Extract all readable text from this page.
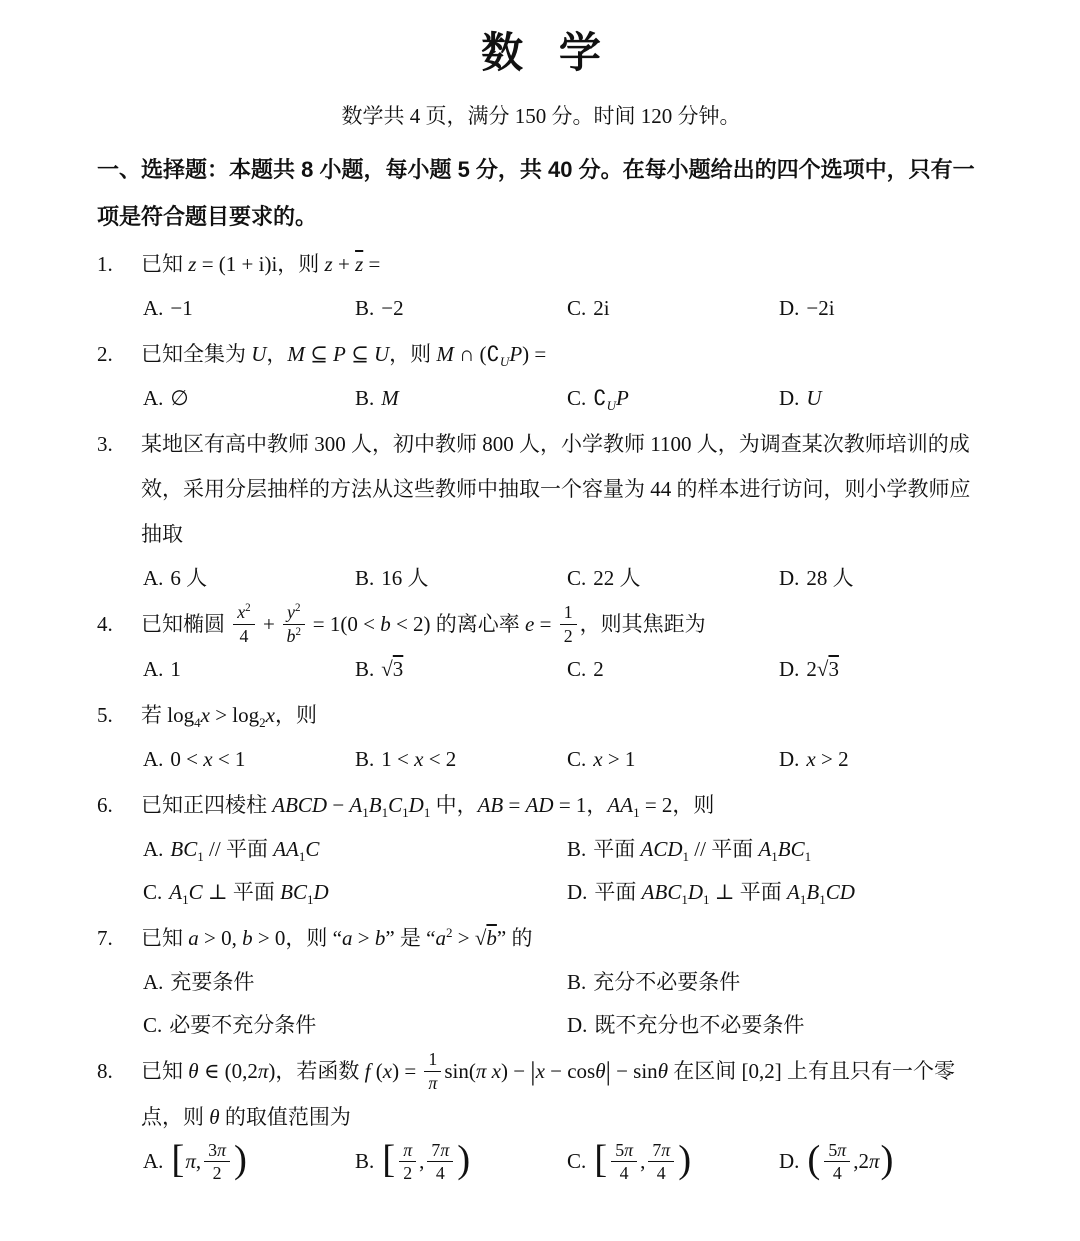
数 学
数学共 4 页，满分 150 分。时间 120 分钟。
一、选择题：本题共 8 小题，每小题 5 分，共 40 分。在每小题给出的四个选项中，只有一项是符合题目要求的。
1.	已知 z = (1 + i)i，则 $z + \overline{z}$ =
A. −1	B. −2	C. 2i	D. −2i
2.	已知全集为 U，M ⊆ P ⊆ U，则 M ∩ $(∁_UP)$ =
A. ∅	B. M	C. $∁_UP$	D. U
3.	某地区有高中教师 300 人，初中教师 800 人，小学教师 1100 人，为调查某次教师培训的成效，采用分层抽样的方法从这些教师中抽取一个容量为 44 的样本进行访问，则小学教师应抽取
A. 6 人	B. 16 人	C. 22 人	D. 28 人
4.	已知椭圆 $\frac{x^2}{4} + \frac{y^2}{b^2} = 1(0 < b < 2)$ 的离心率 $e = \frac{1}{2}$ ，则其焦距为
A. 1	B. √3	C. 2	D. 2√3
5.	若 $\log_4x > \log_2x$，则
A. 0 < x < 1	B. 1 < x < 2	C. x > 1	D. x > 2
6.	已知正四棱柱 ABCD − $A_1B_1C_1D_1$ 中，AB = AD = 1，$AA_1 = 2$，则
A. $BC_1$ // 平面 $AA_1C$	B. 平面 $ACD_1$ // 平面 $A_1BC_1$
C. $A_1C$ ⊥ 平面 $BC_1D$	D. 平面 $ABC_1D_1$ ⊥ 平面 $A_1B_1CD$
7.	已知 a > 0, b > 0，则 “a > b” 是 “$a^2 > √b$” 的
A. 充要条件	B. 充分不必要条件
C. 必要不充分条件	D. 既不充分也不必要条件
8.	已知 θ ∈ (0,2π)，若函数 f $(x) = \frac{1}{\pi} \sin(\pi$ x) − |x − cosθ| − sinθ 在区间 [0,2] 上有且只有一个零点，则 θ 的取值范围为
A. [π, $\frac{3\pi}{2}$ )	B. [ $\frac{\pi}{2}$ , $\frac{7\pi}{4}$ )	C. [ $\frac{5\pi}{4}$ , $\frac{7\pi}{4}$ )	D. ( $\frac{5\pi}{4} ,2\pi$)
